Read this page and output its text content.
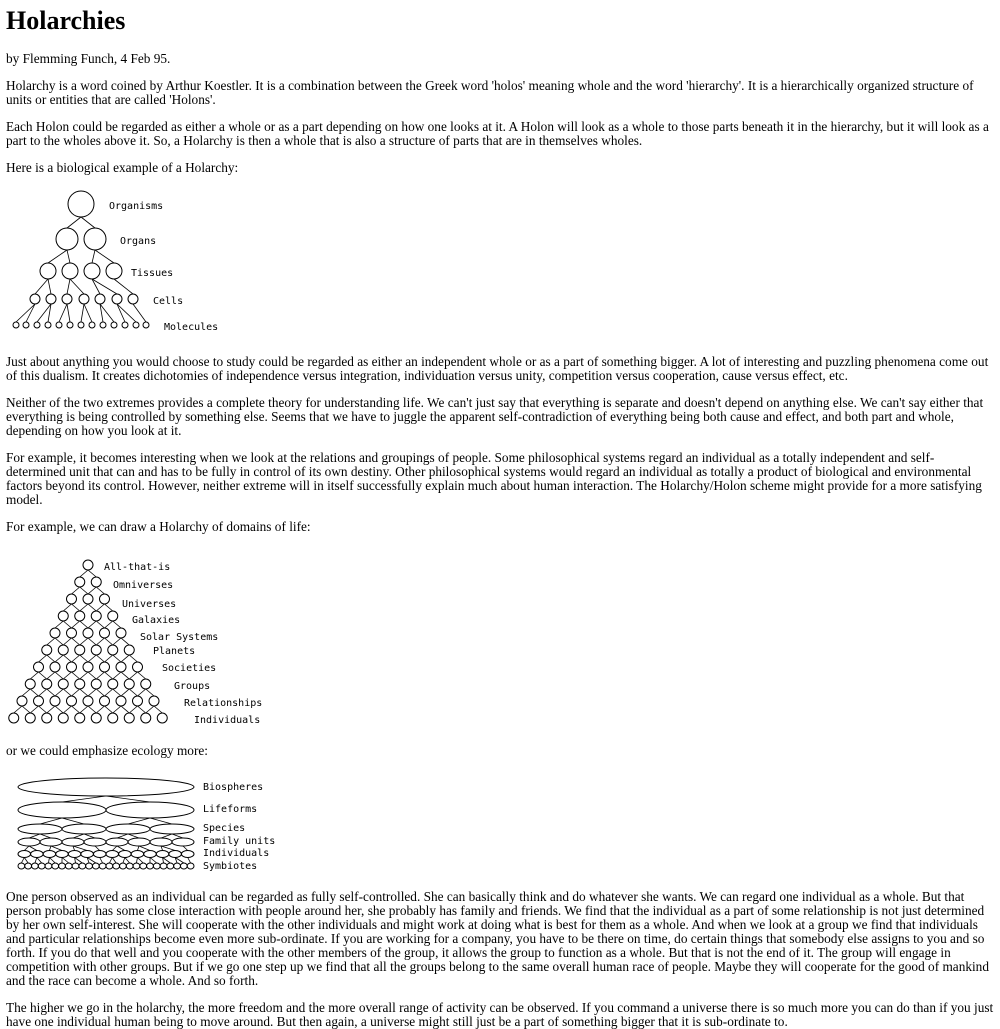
Holarchies

by Flemming Funch, 4 Feb 95.

Holarchy is a word coined by Arthur Koestler. It is a combination between the Greek word 'holos' meaning whole and the word 'hierarchy'. It is a hierarchically organized structure of units or entities that are called 'Holons'.

Each Holon could be regarded as either a whole or as a part depending on how one looks at it. A Holon will look as a whole to those parts beneath it in the hierarchy, but it will look as a part to the wholes above it. So, a Holarchy is then a whole that is also a structure of parts that are in themselves wholes.

Here is a biological example of a Holarchy:

Organisms
Organs
Tissues
Cells
Molecules

Just about anything you would choose to study could be regarded as either an independent whole or as a part of something bigger. A lot of interesting and puzzling phenomena come out of this dualism. It creates dichotomies of independence versus integration, individuation versus unity, competition versus cooperation, cause versus effect, etc.

Neither of the two extremes provides a complete theory for understanding life. We can't just say that everything is separate and doesn't depend on anything else. We can't say either that everything is being controlled by something else. Seems that we have to juggle the apparent self-contradiction of everything being both cause and effect, and both part and whole, depending on how you look at it.

For example, it becomes interesting when we look at the relations and groupings of people. Some philosophical systems regard an individual as a totally independent and self-determined unit that can and has to be fully in control of its own destiny. Other philosophical systems would regard an individual as totally a product of biological and environmental factors beyond its control. However, neither extreme will in itself successfully explain much about human interaction. The Holarchy/Holon scheme might provide for a more satisfying model.

For example, we can draw a Holarchy of domains of life:

All-that-is
Omniverses
Universes
Galaxies
Solar Systems
Planets
Societies
Groups
Relationships
Individuals

or we could emphasize ecology more:

Biospheres
Lifeforms
Species
Family units
Individuals
Symbiotes

One person observed as an individual can be regarded as fully self-controlled. She can basically think and do whatever she wants. We can regard one individual as a whole. But that person probably has some close interaction with people around her, she probably has family and friends. We find that the individual as a part of some relationship is not just determined by her own self-interest. She will cooperate with the other individuals and might work at doing what is best for them as a whole. And when we look at a group we find that individuals and particular relationships become even more sub-ordinate. If you are working for a company, you have to be there on time, do certain things that somebody else assigns to you and so forth. If you do that well and you cooperate with the other members of the group, it allows the group to function as a whole. But that is not the end of it. The group will engage in competition with other groups. But if we go one step up we find that all the groups belong to the same overall human race of people. Maybe they will cooperate for the good of mankind and the race can become a whole. And so forth.

The higher we go in the holarchy, the more freedom and the more overall range of activity can be observed. If you command a universe there is so much more you can do than if you just have one individual human being to move around. But then again, a universe might still just be a part of something bigger that it is sub-ordinate to.
